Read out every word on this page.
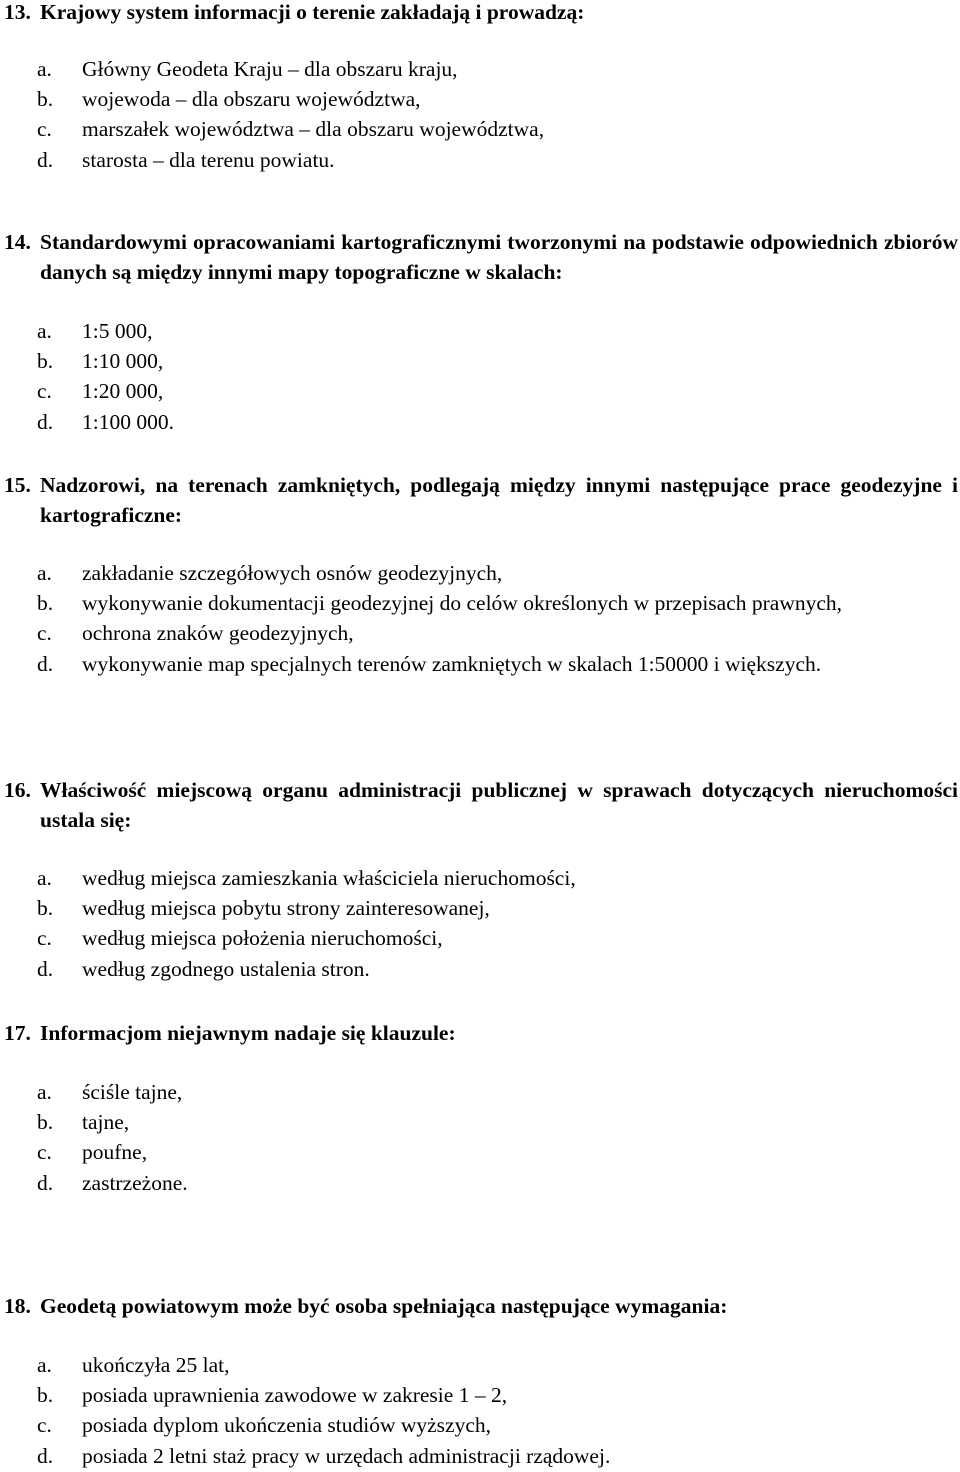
13. Krajowy system informacji o terenie zakładają i prowadzą:
a.	Główny Geodeta Kraju – dla obszaru kraju,
b.	wojewoda – dla obszaru województwa,
c.	marszałek województwa – dla obszaru województwa,
d.	starosta – dla terenu powiatu.
14. Standardowymi opracowaniami kartograficznymi tworzonymi na podstawie odpowiednich zbiorów danych są między innymi mapy topograficzne w skalach:
a.	1:5 000,
b.	1:10 000,
c.	1:20 000,
d.	1:100 000.
15. Nadzorowi, na terenach zamkniętych, podlegają między innymi następujące prace geodezyjne i kartograficzne:
a.	zakładanie szczegółowych osnów geodezyjnych,
b.	wykonywanie dokumentacji geodezyjnej do celów określonych w przepisach prawnych,
c.	ochrona znaków geodezyjnych,
d.	wykonywanie map specjalnych terenów zamkniętych w skalach 1:50000 i większych.
16. Właściwość miejscową organu administracji publicznej w sprawach dotyczących nieruchomości ustala się:
a.	według miejsca zamieszkania właściciela nieruchomości,
b.	według miejsca pobytu strony zainteresowanej,
c.	według miejsca położenia nieruchomości,
d.	według zgodnego ustalenia stron.
17. Informacjom niejawnym nadaje się klauzule:
a.	ściśle tajne,
b.	tajne,
c.	poufne,
d.	zastrzeżone.
18. Geodetą powiatowym może być osoba spełniająca następujące wymagania:
a.	ukończyła 25 lat,
b.	posiada uprawnienia zawodowe w zakresie 1 – 2,
c.	posiada dyplom ukończenia studiów wyższych,
d.	posiada 2 letni staż pracy w urzędach administracji rządowej.
